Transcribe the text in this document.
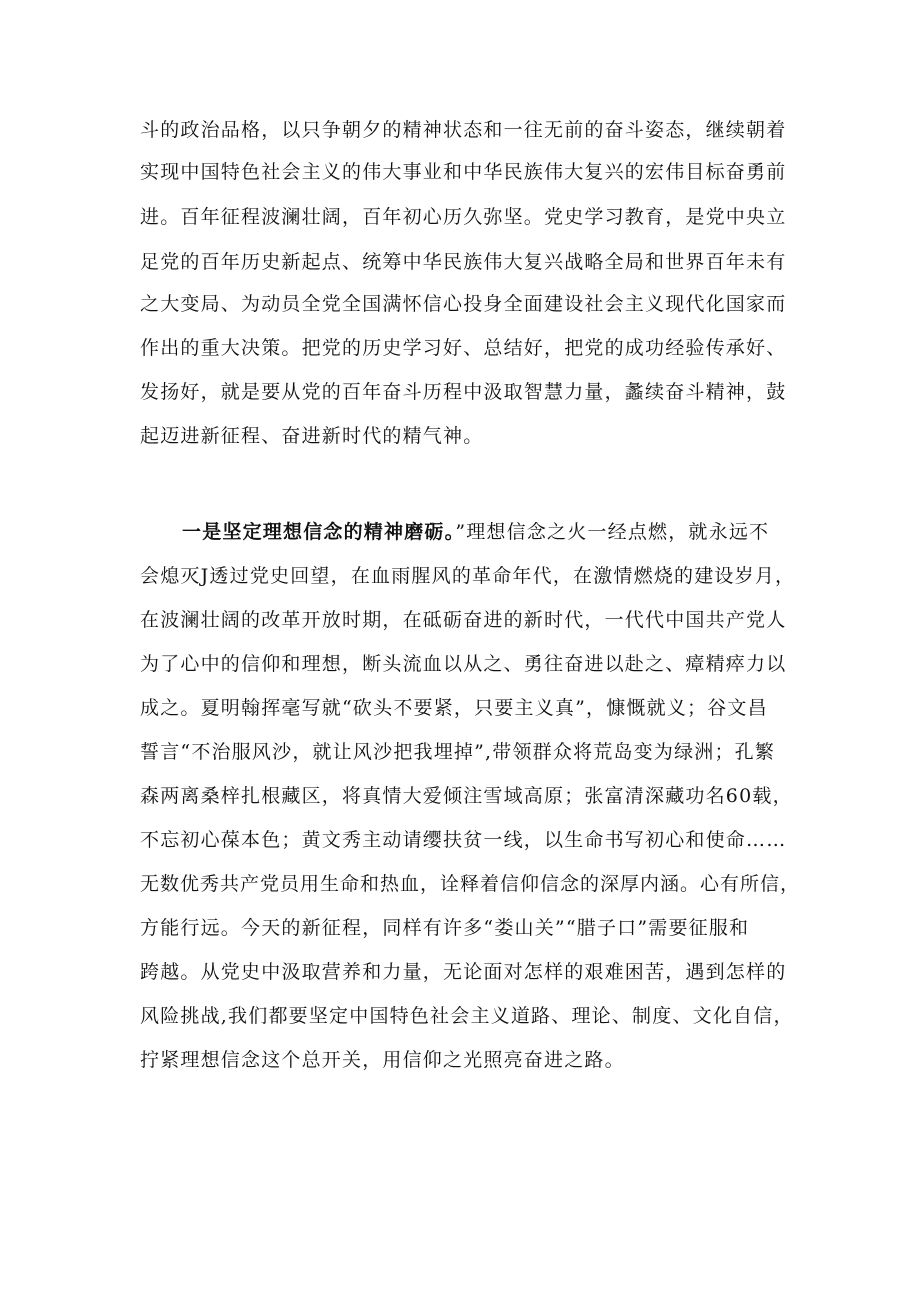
斗的政治品格，以只争朝夕的精神状态和一往无前的奋斗姿态，继续朝着
实现中国特色社会主义的伟大事业和中华民族伟大复兴的宏伟目标奋勇前
进。百年征程波澜壮阔，百年初心历久弥坚。党史学习教育，是党中央立
足党的百年历史新起点、统筹中华民族伟大复兴战略全局和世界百年未有
之大变局、为动员全党全国满怀信心投身全面建设社会主义现代化国家而
作出的重大决策。把党的历史学习好、总结好，把党的成功经验传承好、
发扬好，就是要从党的百年奋斗历程中汲取智慧力量，蠡续奋斗精神，鼓
起迈进新征程、奋进新时代的精气神。
一是坚定理想信念的精神磨砺。”理想信念之火一经点燃，就永远不
会熄灭J透过党史回望，在血雨腥风的革命年代，在激情燃烧的建设岁月，
在波澜壮阔的改革开放时期，在砥砺奋进的新时代，一代代中国共产党人
为了心中的信仰和理想，断头流血以从之、勇往奋进以赴之、瘴精瘁力以
成之。夏明翰挥毫写就“砍头不要紧，只要主义真”，慷慨就义；谷文昌
誓言“不治服风沙，就让风沙把我埋掉”,带领群众将荒岛变为绿洲；孔繁
森两离桑梓扎根藏区，将真情大爱倾注雪域高原；张富清深藏功名60载，
不忘初心葆本色；黄文秀主动请缨扶贫一线，以生命书写初心和使命……
无数优秀共产党员用生命和热血，诠释着信仰信念的深厚内涵。心有所信，
方能行远。今天的新征程，同样有许多“娄山关”“腊子口”需要征服和
跨越。从党史中汲取营养和力量，无论面对怎样的艰难困苦，遇到怎样的
风险挑战,我们都要坚定中国特色社会主义道路、理论、制度、文化自信，
拧紧理想信念这个总开关，用信仰之光照亮奋进之路。
